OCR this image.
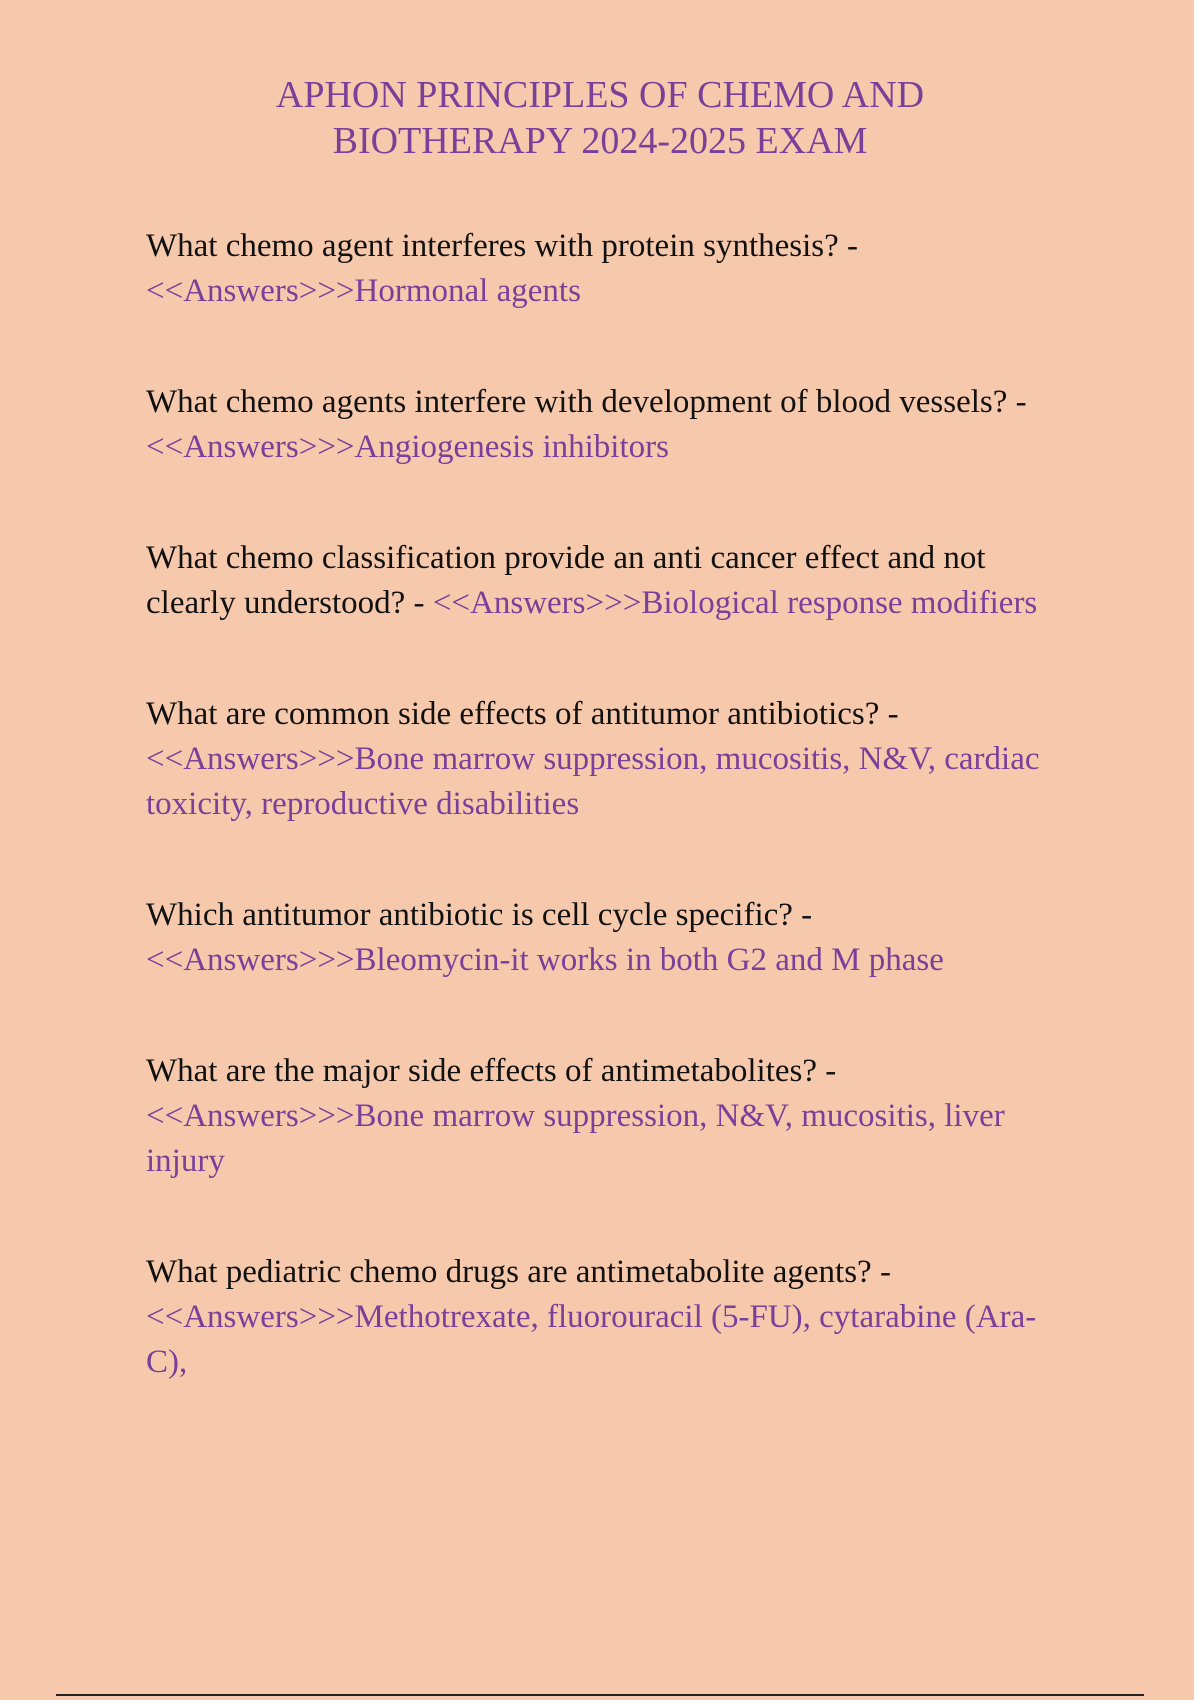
APHON PRINCIPLES OF CHEMO AND
BIOTHERAPY 2024-2025 EXAM
What chemo agent interferes with protein synthesis? -
<<Answers>>>Hormonal agents
What chemo agents interfere with development of blood vessels? - <<Answers>>>Angiogenesis inhibitors
What chemo classification provide an anti cancer effect and not clearly understood? - <<Answers>>>Biological response modifiers
What are common side effects of antitumor antibiotics? -
<<Answers>>>Bone marrow suppression, mucositis, N&V, cardiac toxicity, reproductive disabilities
Which antitumor antibiotic is cell cycle specific? -
<<Answers>>>Bleomycin-it works in both G2 and M phase
What are the major side effects of antimetabolites? -
<<Answers>>>Bone marrow suppression, N&V, mucositis, liver injury
What pediatric chemo drugs are antimetabolite agents? -
<<Answers>>>Methotrexate, fluorouracil (5-FU), cytarabine (Ara-C),
